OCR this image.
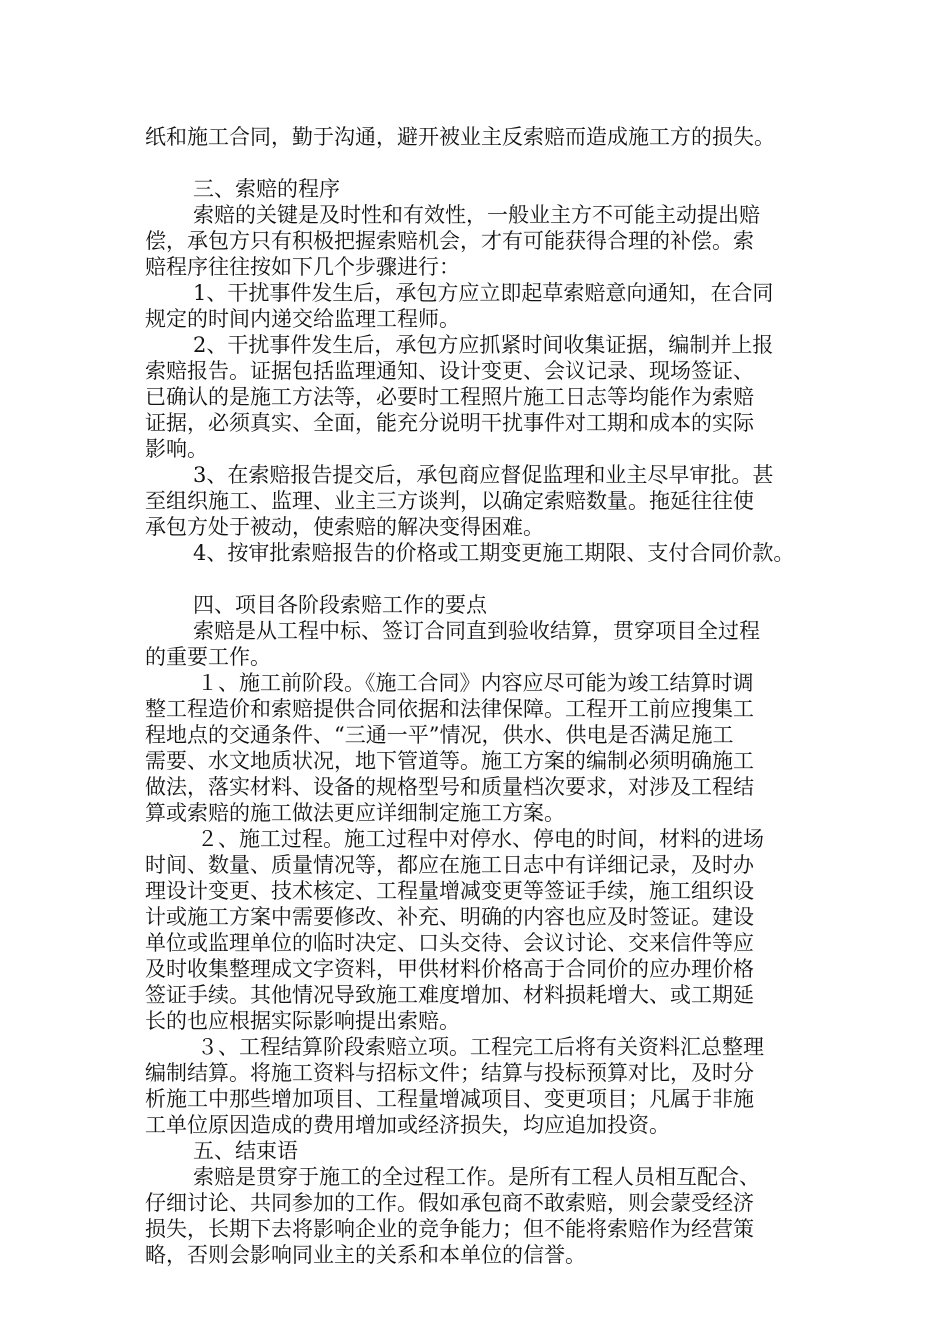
纸和施工合同，勤于沟通，避开被业主反索赔而造成施工方的损失。
三、索赔的程序
索赔的关键是及时性和有效性，一般业主方不可能主动提出赔
偿，承包方只有积极把握索赔机会，才有可能获得合理的补偿。索
赔程序往往按如下几个步骤进行：
1、干扰事件发生后，承包方应立即起草索赔意向通知，在合同
规定的时间内递交给监理工程师。
2、干扰事件发生后，承包方应抓紧时间收集证据，编制并上报
索赔报告。证据包括监理通知、设计变更、会议记录、现场签证、
已确认的是施工方法等，必要时工程照片施工日志等均能作为索赔
证据，必须真实、全面，能充分说明干扰事件对工期和成本的实际
影响。
3、在索赔报告提交后，承包商应督促监理和业主尽早审批。甚
至组织施工、监理、业主三方谈判，以确定索赔数量。拖延往往使
承包方处于被动，使索赔的解决变得困难。
4、按审批索赔报告的价格或工期变更施工期限、支付合同价款。
四、项目各阶段索赔工作的要点
索赔是从工程中标、签订合同直到验收结算，贯穿项目全过程
的重要工作。
１、施工前阶段。《施工合同》内容应尽可能为竣工结算时调
整工程造价和索赔提供合同依据和法律保障。工程开工前应搜集工
程地点的交通条件、“三通一平”情况，供水、供电是否满足施工
需要、水文地质状况，地下管道等。施工方案的编制必须明确施工
做法，落实材料、设备的规格型号和质量档次要求，对涉及工程结
算或索赔的施工做法更应详细制定施工方案。
２、施工过程。施工过程中对停水、停电的时间，材料的进场
时间、数量、质量情况等，都应在施工日志中有详细记录，及时办
理设计变更、技术核定、工程量增减变更等签证手续，施工组织设
计或施工方案中需要修改、补充、明确的内容也应及时签证。建设
单位或监理单位的临时决定、口头交待、会议讨论、交来信件等应
及时收集整理成文字资料，甲供材料价格高于合同价的应办理价格
签证手续。其他情况导致施工难度增加、材料损耗增大、或工期延
长的也应根据实际影响提出索赔。
３、工程结算阶段索赔立项。工程完工后将有关资料汇总整理
编制结算。将施工资料与招标文件；结算与投标预算对比，及时分
析施工中那些增加项目、工程量增减项目、变更项目；凡属于非施
工单位原因造成的费用增加或经济损失，均应追加投资。
五、结束语
索赔是贯穿于施工的全过程工作。是所有工程人员相互配合、
仔细讨论、共同参加的工作。假如承包商不敢索赔，则会蒙受经济
损失，长期下去将影响企业的竞争能力；但不能将索赔作为经营策
略，否则会影响同业主的关系和本单位的信誉。
